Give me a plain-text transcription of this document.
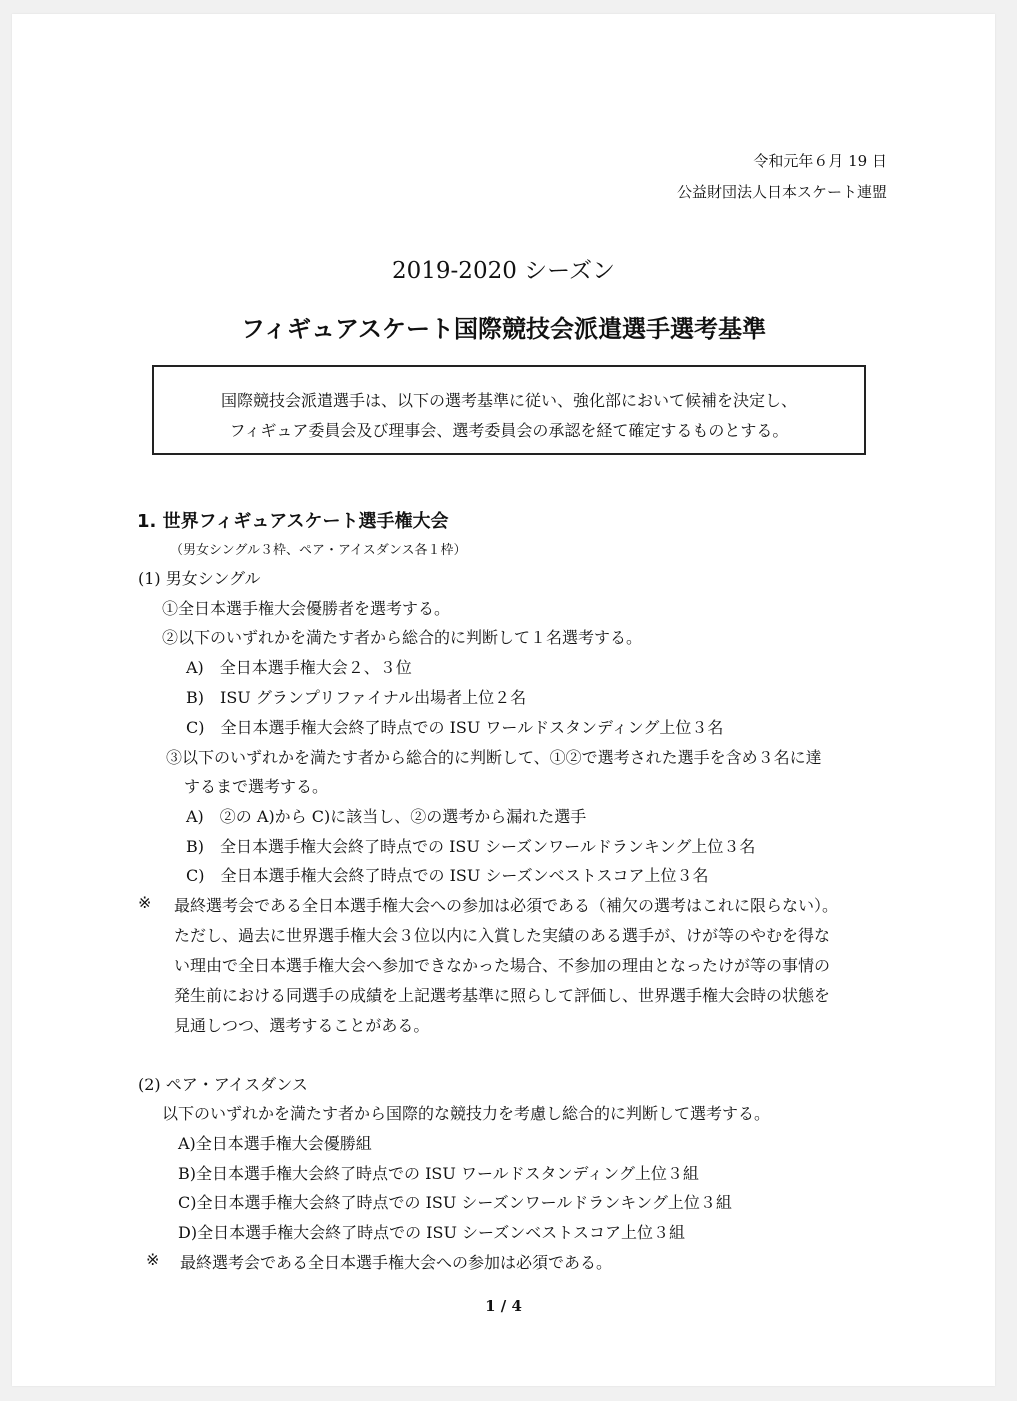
令和元年６月 19 日
公益財団法人日本スケート連盟
2019-2020 シーズン
フィギュアスケート国際競技会派遣選手選考基準
国際競技会派遣選手は、以下の選考基準に従い、強化部において候補を決定し、
フィギュア委員会及び理事会、選考委員会の承認を経て確定するものとする。
1. 世界フィギュアスケート選手権大会
（男女シングル３枠、ペア・アイスダンス各１枠）
(1) 男女シングル
①全日本選手権大会優勝者を選考する。
②以下のいずれかを満たす者から総合的に判断して１名選考する。
A)　全日本選手権大会２、３位
B)　ISU グランプリファイナル出場者上位２名
C)　全日本選手権大会終了時点での ISU ワールドスタンディング上位３名
③以下のいずれかを満たす者から総合的に判断して、①②で選考された選手を含め３名に達
するまで選考する。
A)　②の A)から C)に該当し、②の選考から漏れた選手
B)　全日本選手権大会終了時点での ISU シーズンワールドランキング上位３名
C)　全日本選手権大会終了時点での ISU シーズンベストスコア上位３名
※ 最終選考会である全日本選手権大会への参加は必須である（補欠の選考はこれに限らない）。
ただし、過去に世界選手権大会３位以内に入賞した実績のある選手が、けが等のやむを得な
い理由で全日本選手権大会へ参加できなかった場合、不参加の理由となったけが等の事情の
発生前における同選手の成績を上記選考基準に照らして評価し、世界選手権大会時の状態を
見通しつつ、選考することがある。
(2) ペア・アイスダンス
以下のいずれかを満たす者から国際的な競技力を考慮し総合的に判断して選考する。
A)全日本選手権大会優勝組
B)全日本選手権大会終了時点での ISU ワールドスタンディング上位３組
C)全日本選手権大会終了時点での ISU シーズンワールドランキング上位３組
D)全日本選手権大会終了時点での ISU シーズンベストスコア上位３組
※ 最終選考会である全日本選手権大会への参加は必須である。
1 / 4
